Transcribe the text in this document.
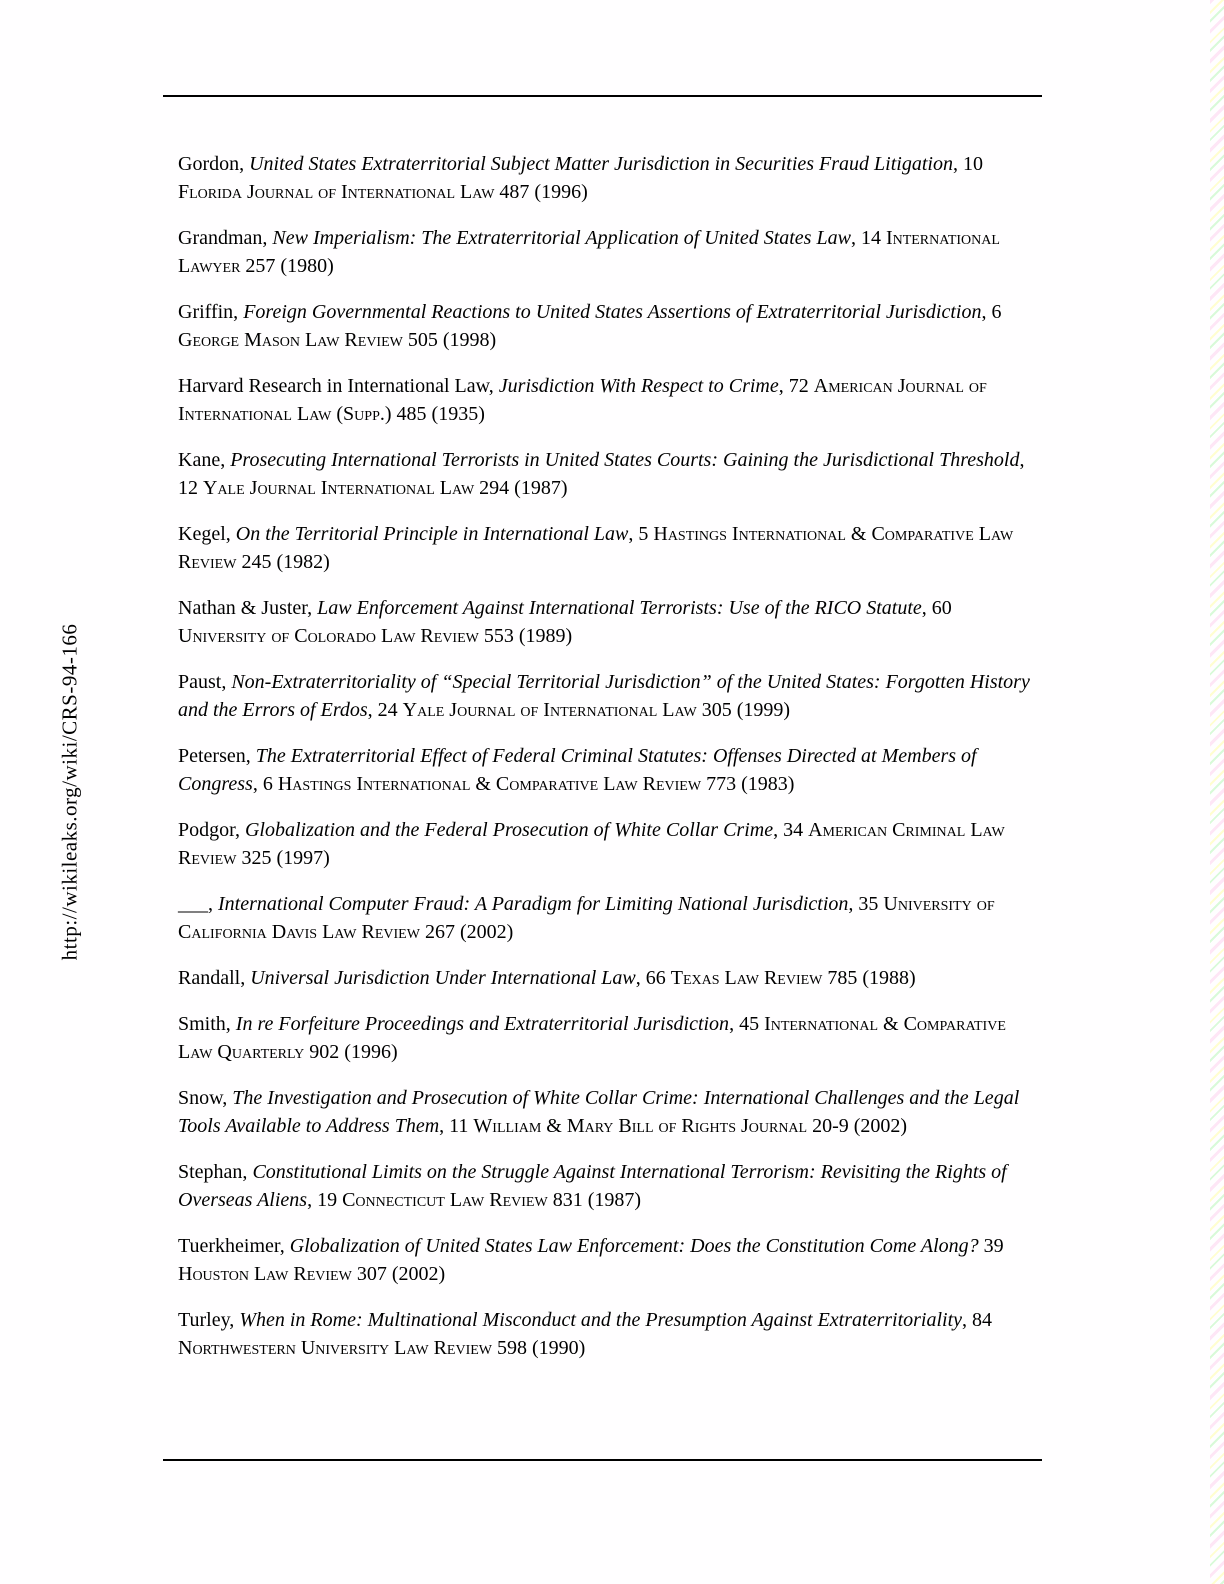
http://wikileaks.org/wiki/CRS-94-166

Gordon, United States Extraterritorial Subject Matter Jurisdiction in Securities Fraud Litigation, 10 Florida Journal of International Law 487 (1996)

Grandman, New Imperialism: The Extraterritorial Application of United States Law, 14 International Lawyer 257 (1980)

Griffin, Foreign Governmental Reactions to United States Assertions of Extraterritorial Jurisdiction, 6 George Mason Law Review 505 (1998)

Harvard Research in International Law, Jurisdiction With Respect to Crime, 72 American Journal of International Law (Supp.) 485 (1935)

Kane, Prosecuting International Terrorists in United States Courts: Gaining the Jurisdictional Threshold, 12 Yale Journal International Law 294 (1987)

Kegel, On the Territorial Principle in International Law, 5 Hastings International & Comparative Law Review 245 (1982)

Nathan & Juster, Law Enforcement Against International Terrorists: Use of the RICO Statute, 60 University of Colorado Law Review 553 (1989)

Paust, Non-Extraterritoriality of “Special Territorial Jurisdiction” of the United States: Forgotten History and the Errors of Erdos, 24 Yale Journal of International Law 305 (1999)

Petersen, The Extraterritorial Effect of Federal Criminal Statutes: Offenses Directed at Members of Congress, 6 Hastings International & Comparative Law Review 773 (1983)

Podgor, Globalization and the Federal Prosecution of White Collar Crime, 34 American Criminal Law Review 325 (1997)

___, International Computer Fraud: A Paradigm for Limiting National Jurisdiction, 35 University of California Davis Law Review 267 (2002)

Randall, Universal Jurisdiction Under International Law, 66 Texas Law Review 785 (1988)

Smith, In re Forfeiture Proceedings and Extraterritorial Jurisdiction, 45 International & Comparative Law Quarterly 902 (1996)

Snow, The Investigation and Prosecution of White Collar Crime: International Challenges and the Legal Tools Available to Address Them, 11 William & Mary Bill of Rights Journal 20-9 (2002)

Stephan, Constitutional Limits on the Struggle Against International Terrorism: Revisiting the Rights of Overseas Aliens, 19 Connecticut Law Review 831 (1987)

Tuerkheimer, Globalization of United States Law Enforcement: Does the Constitution Come Along? 39 Houston Law Review 307 (2002)

Turley, When in Rome: Multinational Misconduct and the Presumption Against Extraterritoriality, 84 Northwestern University Law Review 598 (1990)
